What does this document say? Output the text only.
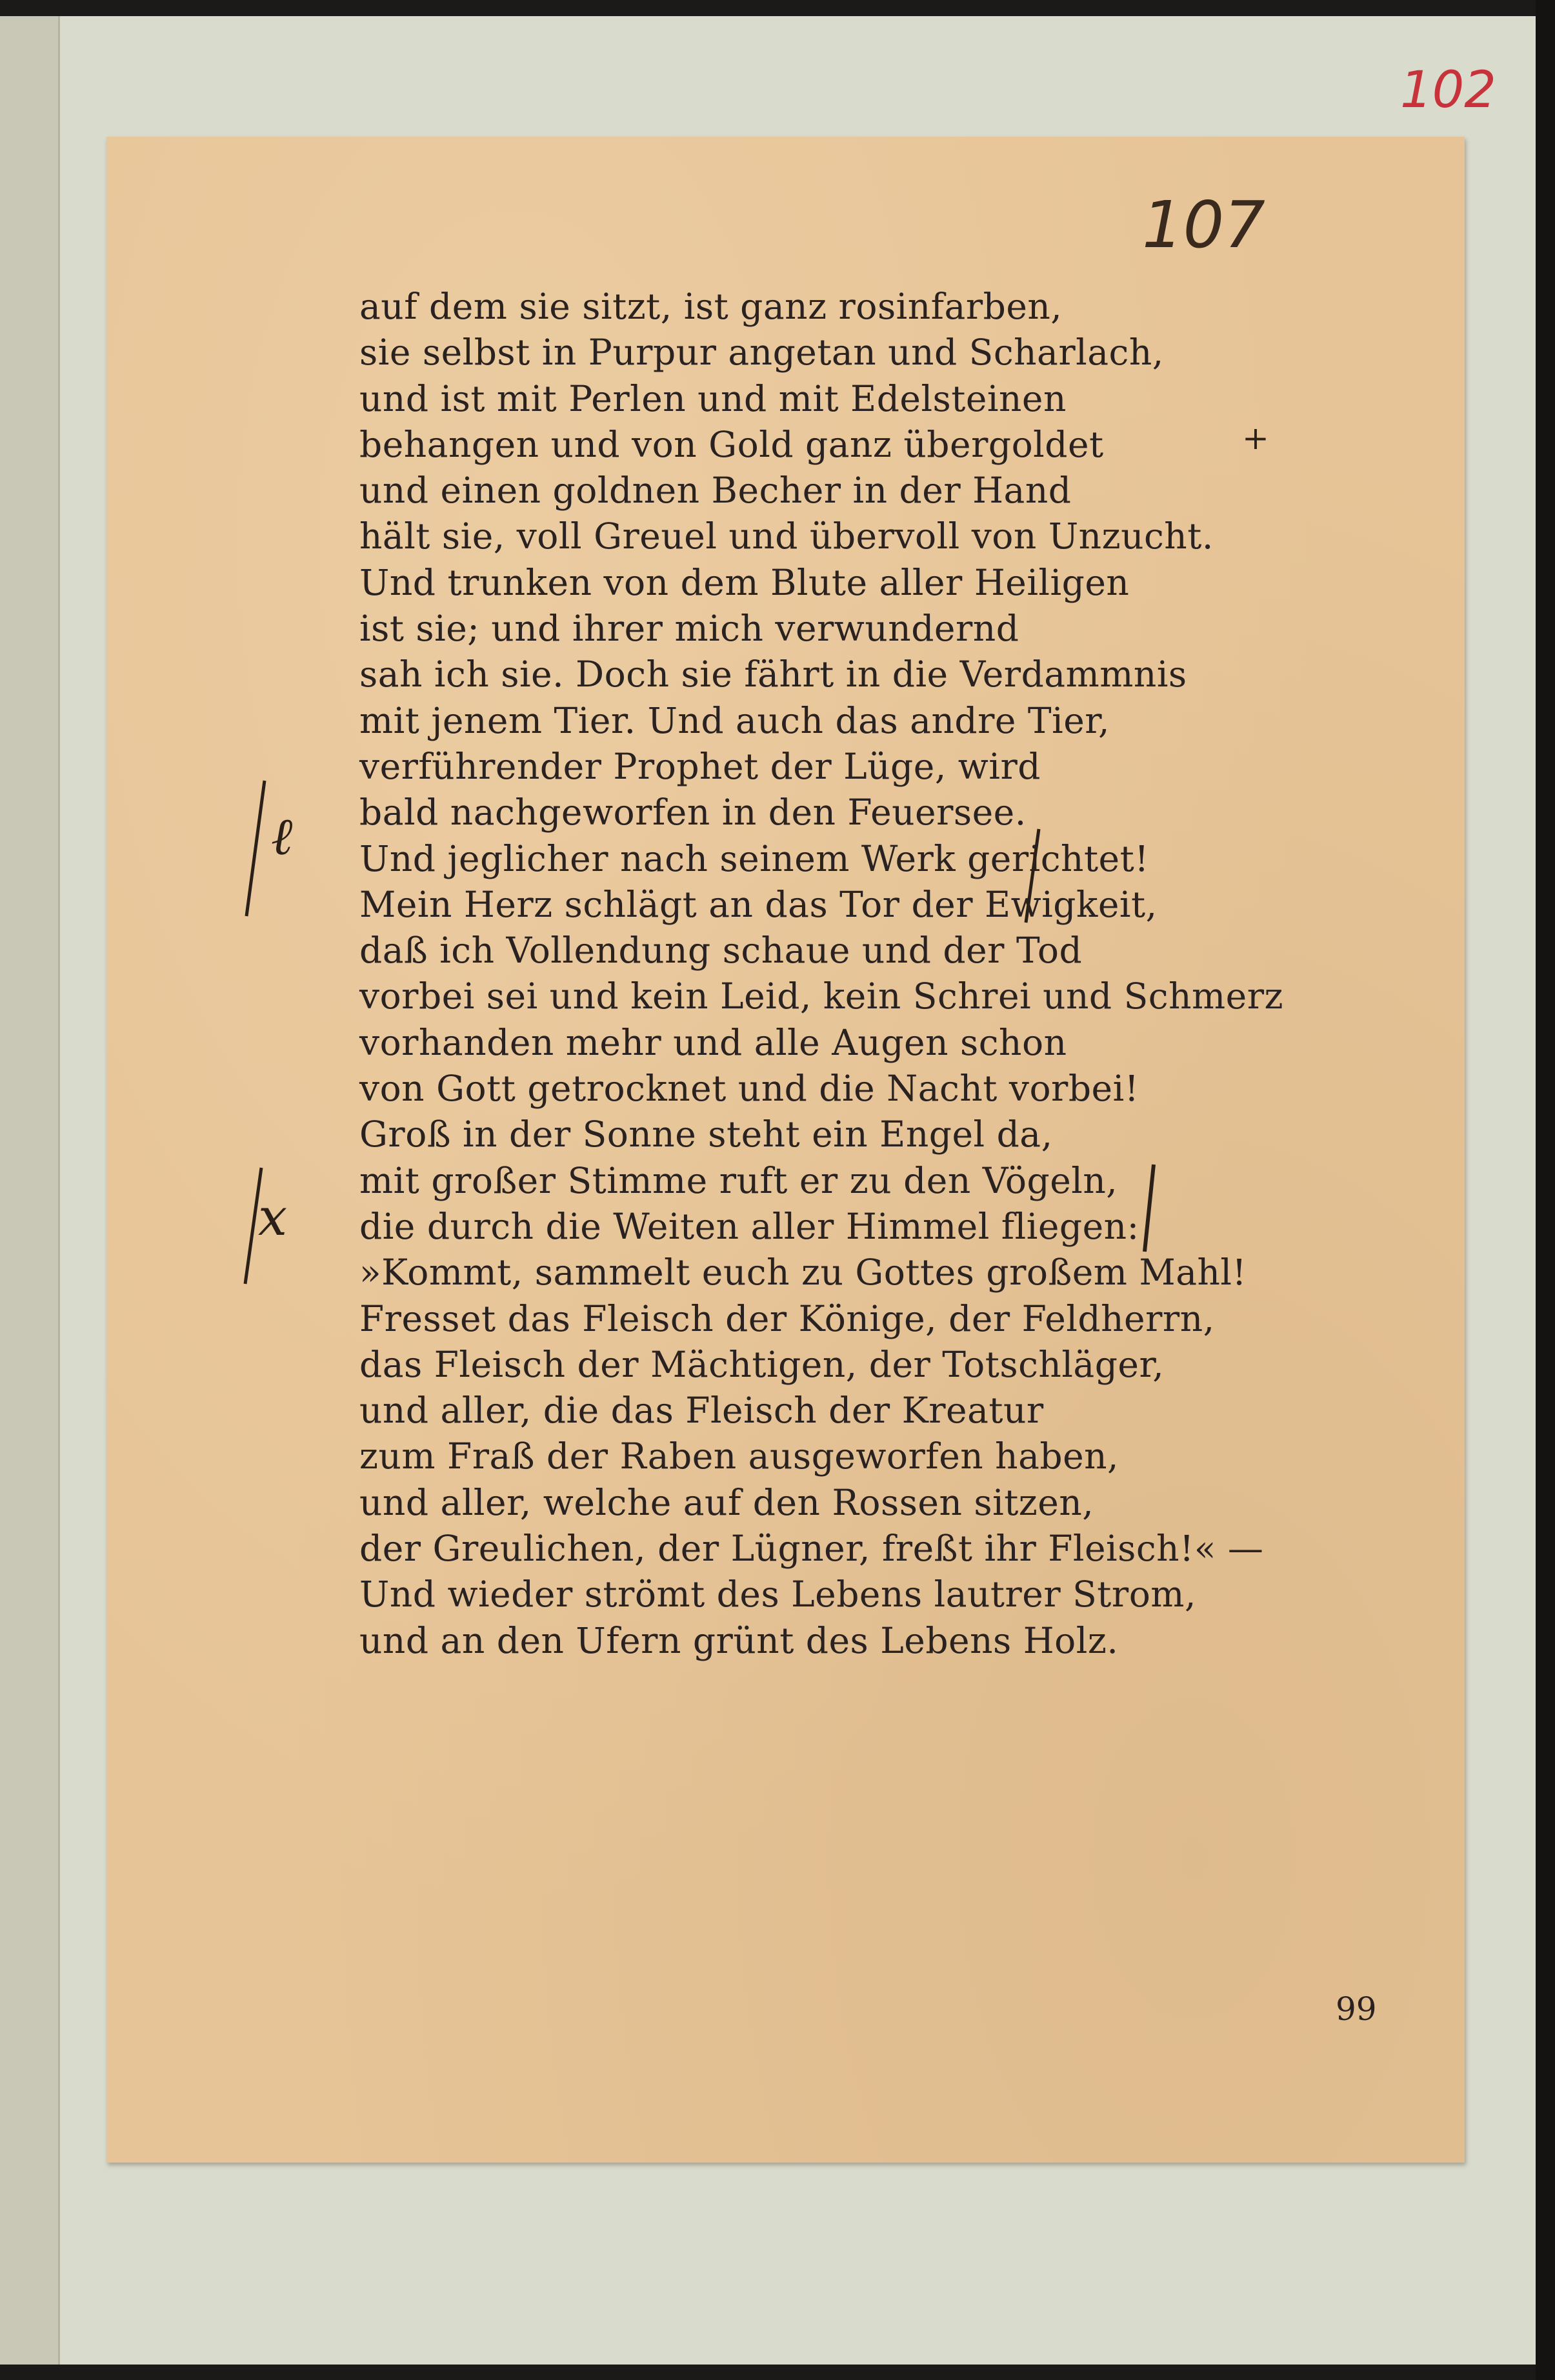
102
107
auf dem sie sitzt, ist ganz rosinfarben,
sie selbst in Purpur angetan und Scharlach,
und ist mit Perlen und mit Edelsteinen
behangen und von Gold ganz übergoldet
und einen goldnen Becher in der Hand
hält sie, voll Greuel und übervoll von Unzucht.
Und trunken von dem Blute aller Heiligen
ist sie; und ihrer mich verwundernd
sah ich sie. Doch sie fährt in die Verdammnis
mit jenem Tier. Und auch das andre Tier,
verführender Prophet der Lüge, wird
bald nachgeworfen in den Feuersee.
Und jeglicher nach seinem Werk gerichtet!
Mein Herz schlägt an das Tor der Ewigkeit,
daß ich Vollendung schaue und der Tod
vorbei sei und kein Leid, kein Schrei und Schmerz
vorhanden mehr und alle Augen schon
von Gott getrocknet und die Nacht vorbei!
Groß in der Sonne steht ein Engel da,
mit großer Stimme ruft er zu den Vögeln,
die durch die Weiten aller Himmel fliegen:
»Kommt, sammelt euch zu Gottes großem Mahl!
Fresset das Fleisch der Könige, der Feldherrn,
das Fleisch der Mächtigen, der Totschläger,
und aller, die das Fleisch der Kreatur
zum Fraß der Raben ausgeworfen haben,
und aller, welche auf den Rossen sitzen,
der Greulichen, der Lügner, freßt ihr Fleisch!« —
Und wieder strömt des Lebens lautrer Strom,
und an den Ufern grünt des Lebens Holz.
ℓ
x
+
99
